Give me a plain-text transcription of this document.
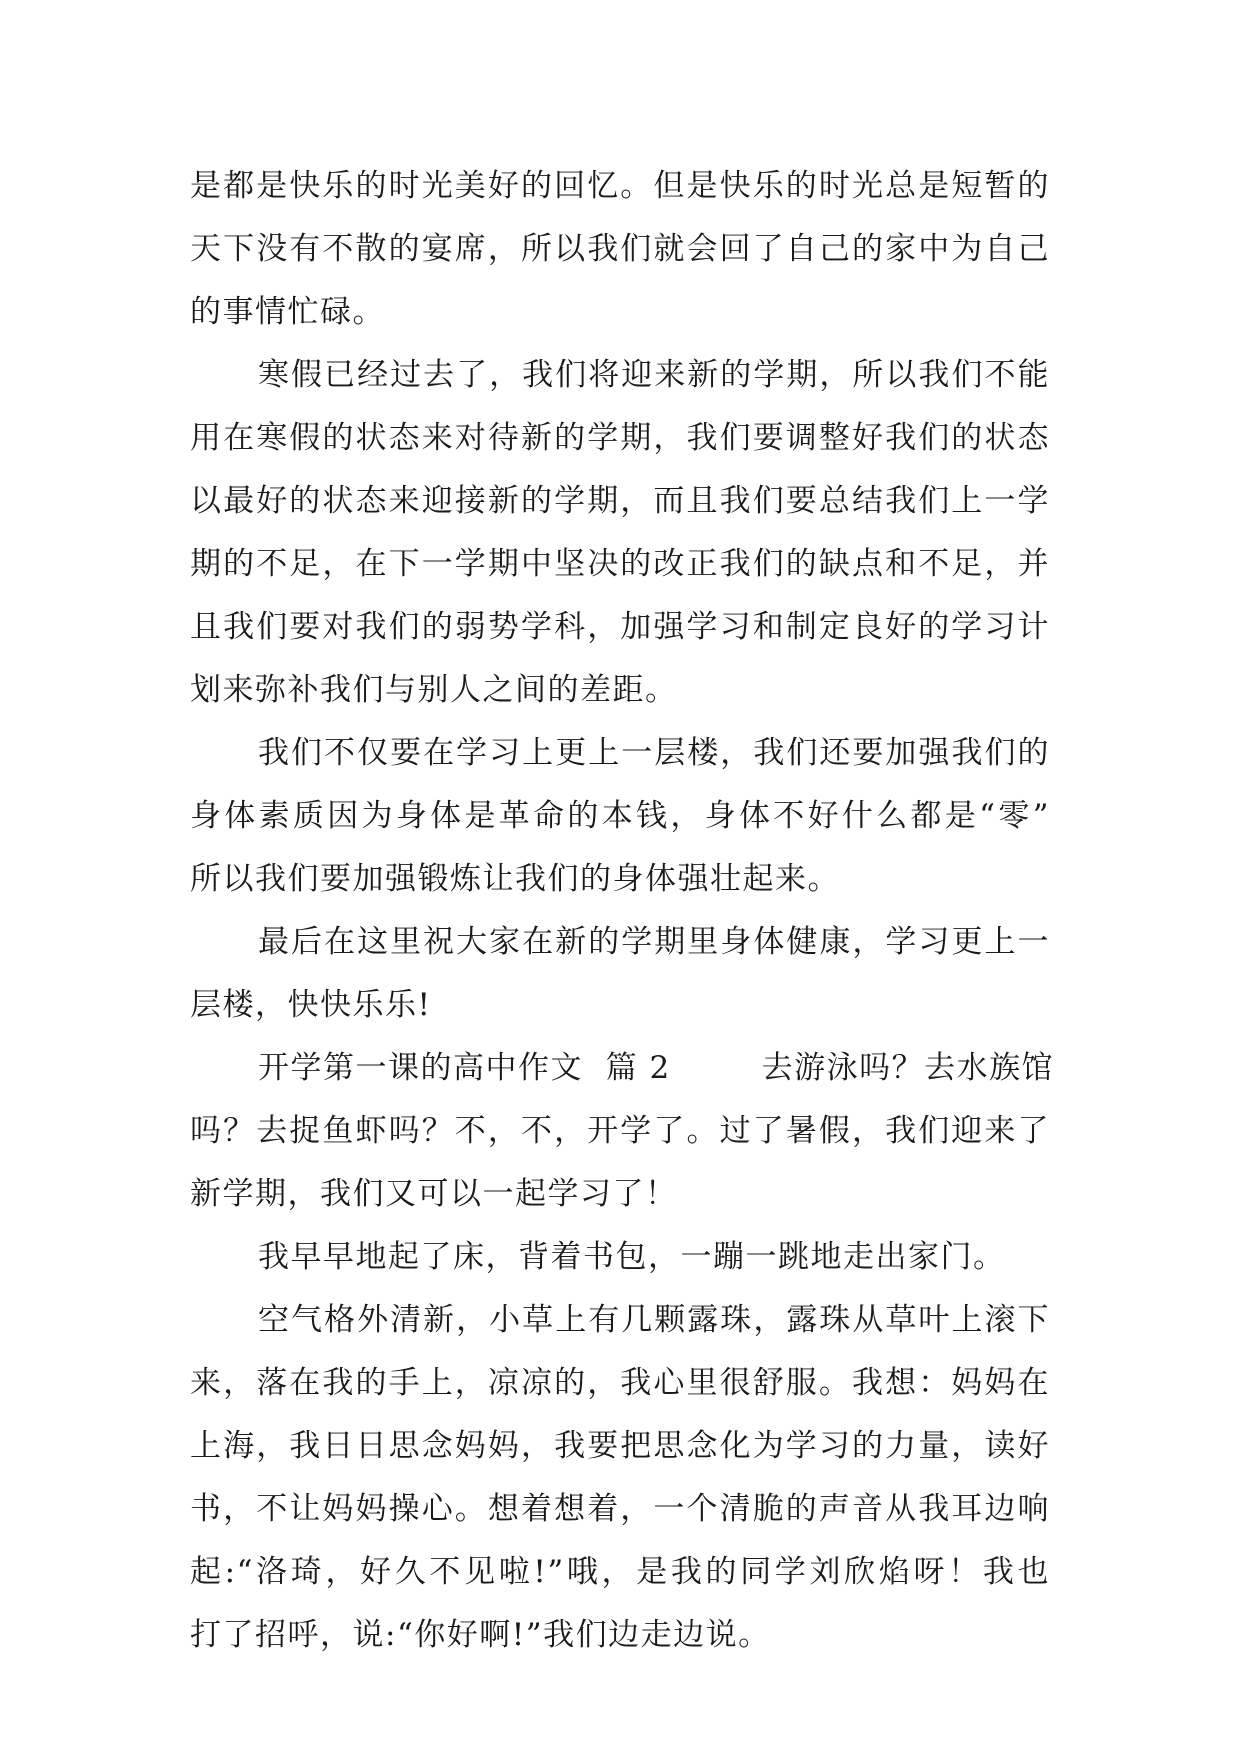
是都是快乐的时光美好的回忆。但是快乐的时光总是短暂的
天下没有不散的宴席，所以我们就会回了自己的家中为自己
的事情忙碌。
寒假已经过去了，我们将迎来新的学期，所以我们不能
用在寒假的状态来对待新的学期，我们要调整好我们的状态
以最好的状态来迎接新的学期，而且我们要总结我们上一学
期的不足，在下一学期中坚决的改正我们的缺点和不足，并
且我们要对我们的弱势学科，加强学习和制定良好的学习计
划来弥补我们与别人之间的差距。
我们不仅要在学习上更上一层楼，我们还要加强我们的
身体素质因为身体是革命的本钱，身体不好什么都是“零”
所以我们要加强锻炼让我们的身体强壮起来。
最后在这里祝大家在新的学期里身体健康，学习更上一
层楼，快快乐乐!
开学第一课的高中作文  篇 2        去游泳吗？去水族馆
吗？去捉鱼虾吗？不，不，开学了。过了暑假，我们迎来了
新学期，我们又可以一起学习了！
我早早地起了床，背着书包，一蹦一跳地走出家门。
空气格外清新，小草上有几颗露珠，露珠从草叶上滚下
来，落在我的手上，凉凉的，我心里很舒服。我想：妈妈在
上海，我日日思念妈妈，我要把思念化为学习的力量，读好
书，不让妈妈操心。想着想着，一个清脆的声音从我耳边响
起:“洛琦，好久不见啦!”哦，是我的同学刘欣焰呀！我也
打了招呼，说:“你好啊!”我们边走边说。
